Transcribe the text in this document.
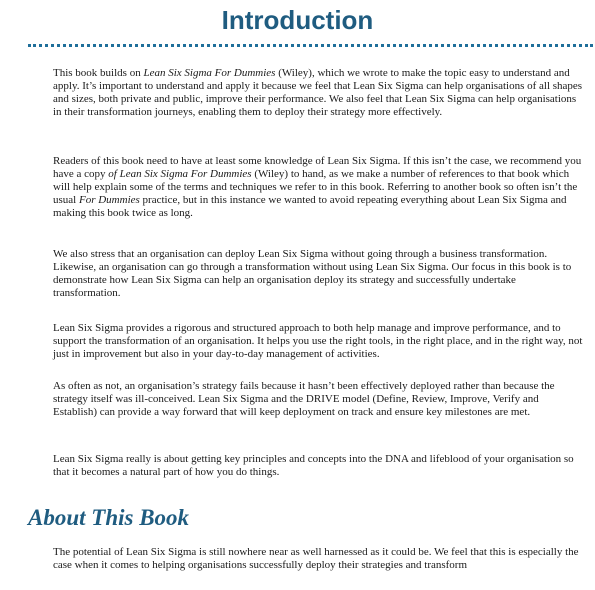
Introduction

This book builds on Lean Six Sigma For Dummies (Wiley), which we wrote to make the topic easy to understand and apply. It’s important to understand and apply it because we feel that Lean Six Sigma can help organisations of all shapes and sizes, both private and public, improve their performance. We also feel that Lean Six Sigma can help organisations in their transformation journeys, enabling them to deploy their strategy more effectively.

Readers of this book need to have at least some knowledge of Lean Six Sigma. If this isn’t the case, we recommend you have a copy of Lean Six Sigma For Dummies (Wiley) to hand, as we make a number of references to that book which will help explain some of the terms and techniques we refer to in this book. Referring to another book so often isn’t the usual For Dummies practice, but in this instance we wanted to avoid repeating everything about Lean Six Sigma and making this book twice as long.

We also stress that an organisation can deploy Lean Six Sigma without going through a business transformation. Likewise, an organisation can go through a transformation without using Lean Six Sigma. Our focus in this book is to demonstrate how Lean Six Sigma can help an organisation deploy its strategy and successfully undertake transformation.

Lean Six Sigma provides a rigorous and structured approach to both help manage and improve performance, and to support the transformation of an organisation. It helps you use the right tools, in the right place, and in the right way, not just in improvement but also in your day-to-day management of activities.

As often as not, an organisation’s strategy fails because it hasn’t been effectively deployed rather than because the strategy itself was ill-conceived. Lean Six Sigma and the DRIVE model (Define, Review, Improve, Verify and Establish) can provide a way forward that will keep deployment on track and ensure key milestones are met.

Lean Six Sigma really is about getting key principles and concepts into the DNA and lifeblood of your organisation so that it becomes a natural part of how you do things.

About This Book

The potential of Lean Six Sigma is still nowhere near as well harnessed as it could be. We feel that this is especially the case when it comes to helping organisations successfully deploy their strategies and transform
